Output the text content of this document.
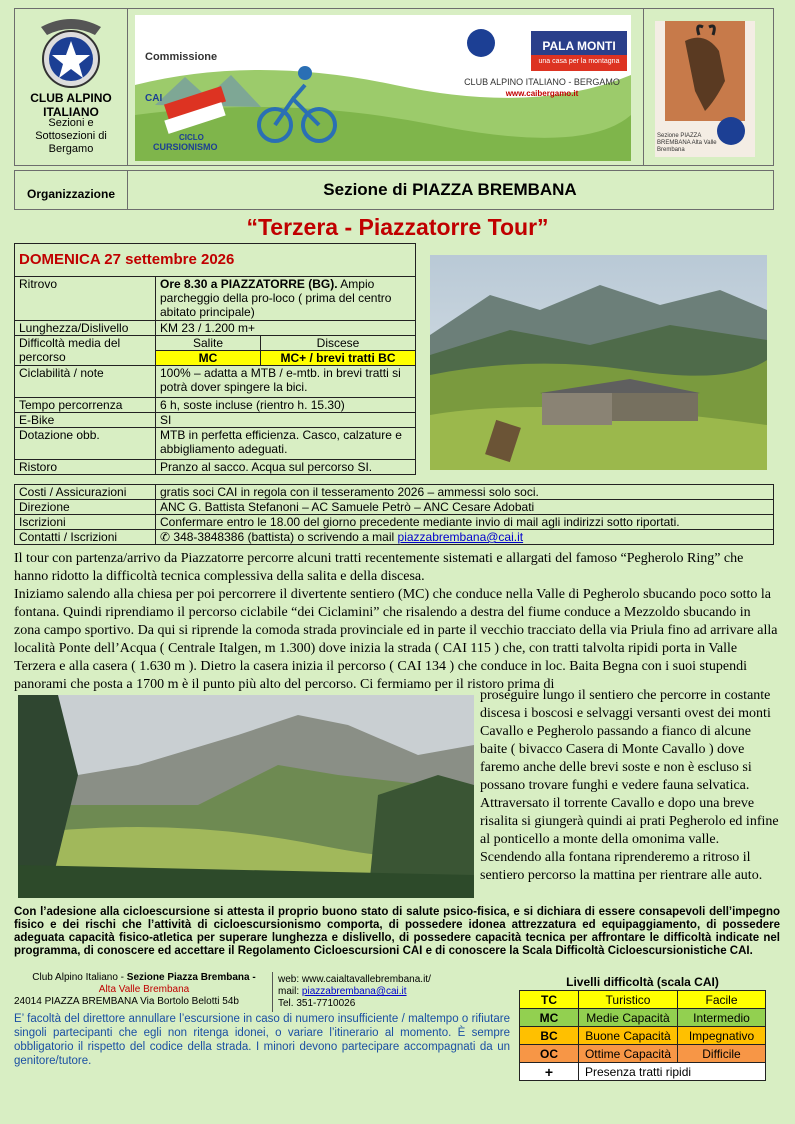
CLUB ALPINO ITALIANO
Sezioni e Sottosezioni di Bergamo
Commissione
CAI
CICLO
CURSIONISMO
PALA MONTI
una casa per la montagna
CLUB ALPINO ITALIANO - BERGAMO
www.caibergamo.it
Sezione PIAZZA BREMBANA Alta Valle Brembana
Organizzazione	Sezione di PIAZZA BREMBANA
“Terzera - Piazzatorre Tour”
DOMENICA 27 settembre 2026		
Ritrovo	Ore 8.30 a PIAZZATORRE (BG). Ampio parcheggio della pro-loco ( prima del centro abitato principale)	
Lunghezza/Dislivello	KM 23 / 1.200 m+	
Difficoltà media del percorso	Salite	Discese
	MC	MC+ / brevi tratti BC
Ciclabilità / note	100% – adatta a MTB / e-mtb. in brevi tratti si potrà dover spingere la bici.	
Tempo percorrenza	6 h, soste incluse (rientro h. 15.30)	
E-Bike	SI	
Dotazione obb.	MTB in perfetta efficienza. Casco, calzature e abbigliamento adeguati.	
Ristoro	Pranzo al sacco. Acqua sul percorso SI.	
Costi / Assicurazioni	gratis soci CAI in regola con il tesseramento 2026 – ammessi solo soci.
Direzione	ANC G. Battista Stefanoni – AC Samuele Petrò – ANC Cesare Adobati
Iscrizioni	Confermare entro le 18.00 del giorno precedente mediante invio di mail agli indirizzi sotto riportati.
Contatti / Iscrizioni	✆ 348-3848386 (battista) o scrivendo a mail piazzabrembana@cai.it
Il tour con partenza/arrivo da Piazzatorre percorre alcuni tratti recentemente sistemati e allargati del famoso “Pegherolo Ring” che hanno ridotto la difficoltà tecnica complessiva della salita e della discesa.
Iniziamo salendo alla chiesa per poi percorrere il divertente sentiero (MC) che conduce nella Valle di Pegherolo sbucando poco sotto la fontana. Quindi riprendiamo il percorso ciclabile “dei Ciclamini” che risalendo a destra del fiume conduce a Mezzoldo sbucando in zona campo sportivo. Da qui si riprende la comoda strada provinciale ed in parte il vecchio tracciato della via Priula fino ad arrivare alla località Ponte dell’Acqua ( Centrale Italgen, m 1.300) dove inizia la strada ( CAI 115 ) che, con tratti talvolta ripidi porta in Valle Terzera e alla casera ( 1.630 m ). Dietro la casera inizia il percorso ( CAI 134 ) che conduce in loc. Baita Begna con i suoi stupendi panorami che posta a 1700 m è il punto più alto del percorso. Ci fermiamo per il ristoro prima di
proseguire lungo il sentiero che percorre in costante discesa i boscosi e selvaggi versanti ovest dei monti Cavallo e Pegherolo passando a fianco di alcune baite ( bivacco Casera di Monte Cavallo ) dove faremo anche delle brevi soste e non è escluso si possano trovare funghi e vedere fauna selvatica. Attraversato il torrente Cavallo e dopo una breve risalita si giungerà quindi ai prati Pegherolo ed infine al ponticello a monte della omonima valle. Scendendo alla fontana riprenderemo a ritroso il sentiero percorso la mattina per rientrare alle auto.
Con l’adesione alla cicloescursione si attesta il proprio buono stato di salute psico-fisica, e si dichiara di essere consapevoli dell’impegno fisico e dei rischi che l’attività di cicloescursionismo comporta, di possedere idonea attrezzatura ed equipaggiamento, di possedere adeguata capacità fisico-atletica per superare lunghezza e dislivello, di possedere capacità tecnica per affrontare le difficoltà indicate nel programma, di conoscere ed accettare il Regolamento Cicloescursioni CAI e di conoscere la Scala Difficoltà Cicloescursionistiche CAI.
Club Alpino Italiano - Sezione Piazza Brembana -
Alta Valle Brembana
24014 PIAZZA BREMBANA Via Bortolo Belotti 54b
web: www.caialtavallebrembana.it/
mail: piazzabrembana@cai.it
Tel. 351-7710026
E’ facoltà del direttore annullare l’escursione in caso di numero insufficiente / maltempo o rifiutare singoli partecipanti che egli non ritenga idonei, o variare l’itinerario al momento. È sempre obbligatorio il rispetto del codice della strada. I minori devono partecipare accompagnati da un genitore/tutore.
Livelli difficoltà (scala CAI)
TC	Turistico	Facile
MC	Medie Capacità	Intermedio
BC	Buone Capacità	Impegnativo
OC	Ottime Capacità	Difficile
+	Presenza tratti ripidi	
